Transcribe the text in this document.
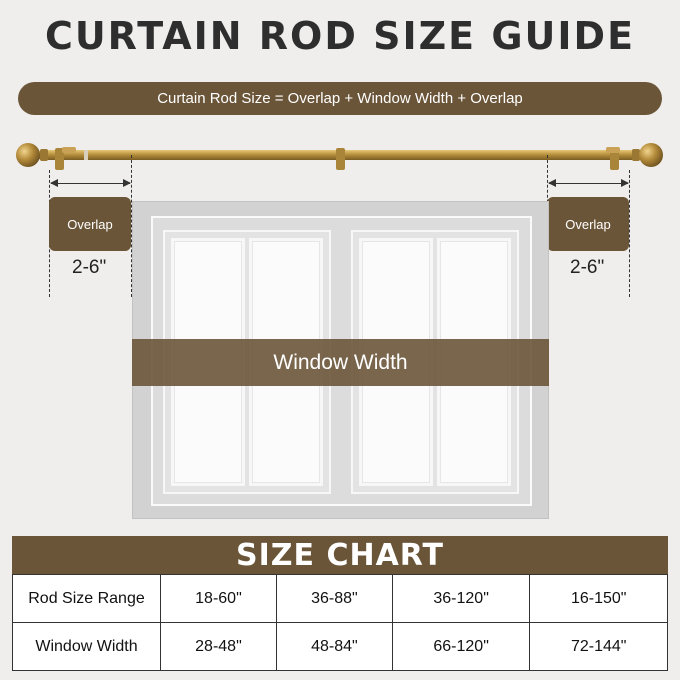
CURTAIN ROD SIZE GUIDE
Curtain Rod Size = Overlap + Window Width + Overlap
Overlap
2-6"
Overlap
2-6"
Window Width
SIZE CHART
Rod Size Range	18-60"	36-88"	36-120"	16-150"
Window Width	28-48"	48-84"	66-120"	72-144"
